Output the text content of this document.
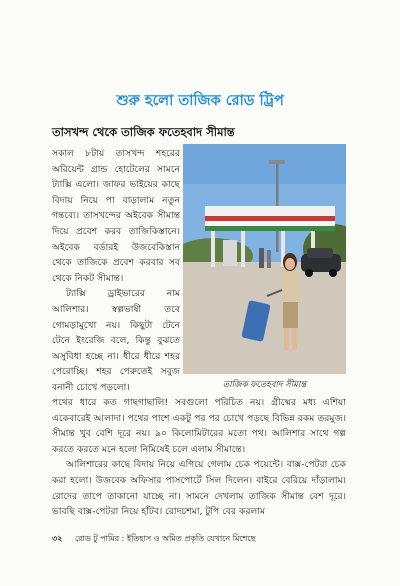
শুরু হলো তাজিক রোড ট্রিপ
তাসখন্দ থেকে তাজিক ফতেহবাদ সীমান্ত

সকাল ৮টায় তাসখন্দ শহরের অরিয়েন্ট গ্রান্ড হোটেলের সামনে ট্যাক্সি এলো। জাফর ভাইয়ের কাছে বিদায় নিয়ে পা বাড়ালাম নতুন গন্তব্যে। তাসখন্দের অইবেক সীমান্ত দিয়ে প্রবেশ করব তাজিকিস্তানে। অইবেক বর্ডারই উজবেকিস্তান থেকে তাজিকে প্রবেশ করবার সব থেকে নিকট সীমান্ত।

ট্যাক্সি ড্রাইভারের নাম আলিশার। স্বল্পভাষী তবে গোমড়ামুখো নয়। কিছুটা টেনে টেনে ইংরেজি বলে, কিন্তু বুঝতে অসুবিধা হচ্ছে না। ধীরে ধীরে শহর পেরোচ্ছি। শহর পেরুতেই সবুজ বনানী চোখে পড়লো।	তাজিক ফতেহবাদ সীমান্ত

পথের ধারে কত গাছগাছালি! সবগুলো পরিচিত নয়। গ্রীষ্মের মধ্য এশিয়া একেবারেই আলাদা। পথের পাশে একটু পর পর চোখে পড়ছে বিভিন্ন রকম তরমুজ। সীমান্ত খুব বেশি দূরে নয়। ৯০ কিলোমিটারের মতো পথ। আলিশার সাথে গল্প করতে করতে মনে হলো নিমিষেই চলে এলাম সীমান্তে।

আলিশারের কাছে বিদায় নিয়ে এগিয়ে গেলাম চেক পয়েন্টে। বাক্স-পেটরা চেক করা হলো। উজবেক অফিসার পাসপোর্টে সিল দিলেন। বাইরে বেরিয়ে দাঁড়ালাম। রোদের তাপে তাকানো যাচ্ছে না। সামনে দেখলাম তাজিক সীমান্ত বেশ দূরে। ভাবছি বাক্স-পেটরা নিয়ে হাঁটব। রোদচশমা, টুপি বের করলাম

৩২ রোড টু পামির : ইতিহাস ও অমিত প্রকৃতি যেখানে মিশেছে
